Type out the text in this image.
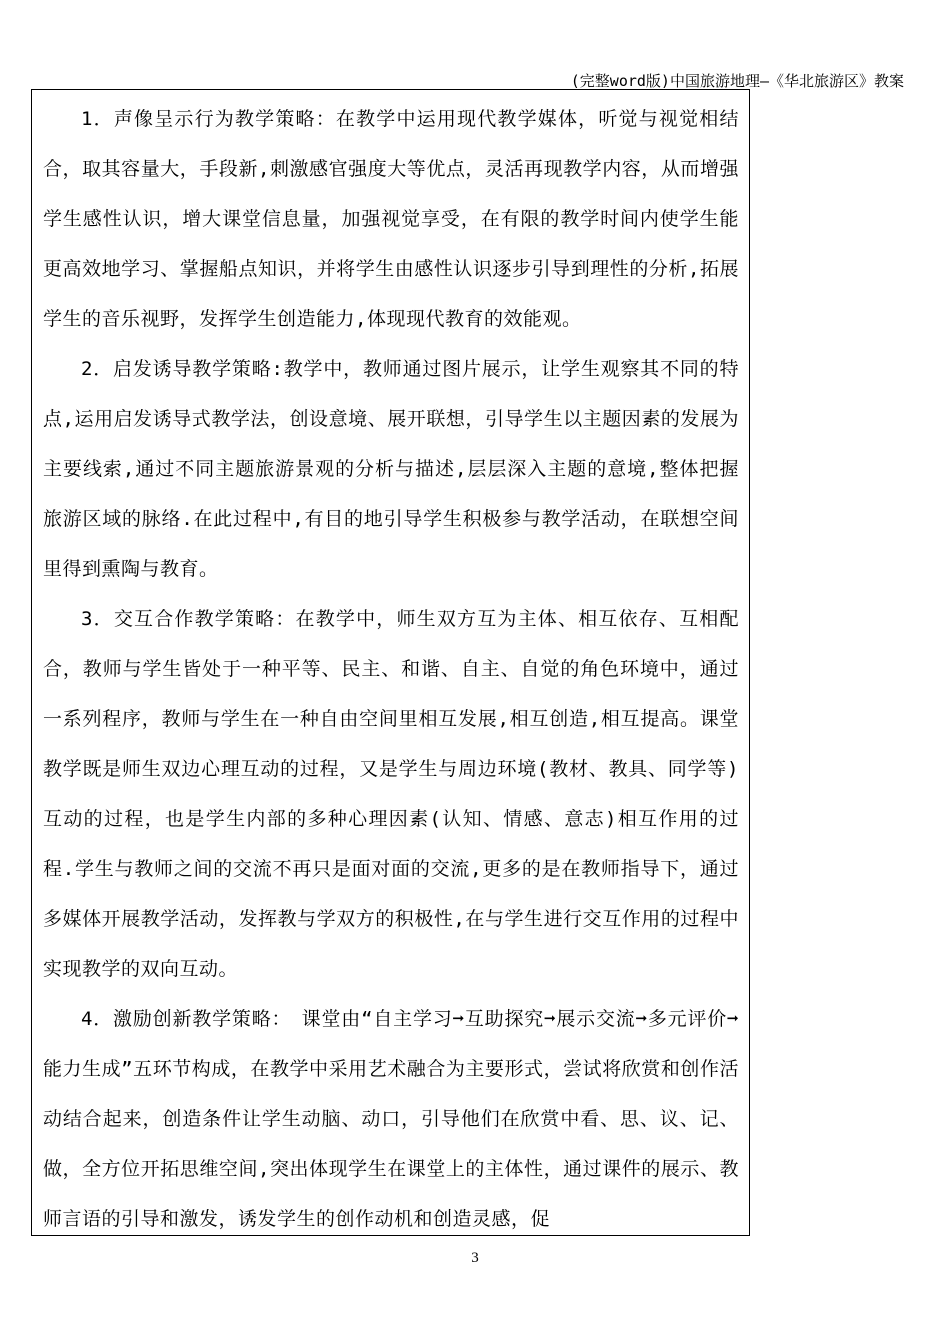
(完整word版)中国旅游地理—《华北旅游区》教案

1．声像呈示行为教学策略：在教学中运用现代教学媒体，听觉与视觉相结合，取其容量大，手段新,刺激感官强度大等优点，灵活再现教学内容，从而增强学生感性认识，增大课堂信息量，加强视觉享受，在有限的教学时间内使学生能更高效地学习、掌握船点知识，并将学生由感性认识逐步引导到理性的分析,拓展学生的音乐视野，发挥学生创造能力,体现现代教育的效能观。

2．启发诱导教学策略:教学中，教师通过图片展示，让学生观察其不同的特点,运用启发诱导式教学法，创设意境、展开联想，引导学生以主题因素的发展为主要线索,通过不同主题旅游景观的分析与描述,层层深入主题的意境,整体把握旅游区域的脉络.在此过程中,有目的地引导学生积极参与教学活动，在联想空间里得到熏陶与教育。

3．交互合作教学策略：在教学中，师生双方互为主体、相互依存、互相配合，教师与学生皆处于一种平等、民主、和谐、自主、自觉的角色环境中，通过一系列程序，教师与学生在一种自由空间里相互发展,相互创造,相互提高。课堂教学既是师生双边心理互动的过程，又是学生与周边环境(教材、教具、同学等)互动的过程，也是学生内部的多种心理因素(认知、情感、意志)相互作用的过程.学生与教师之间的交流不再只是面对面的交流,更多的是在教师指导下，通过多媒体开展教学活动，发挥教与学双方的积极性,在与学生进行交互作用的过程中实现教学的双向互动。

4．激励创新教学策略：　课堂由“自主学习➞互助探究➞展示交流➞多元评价➞能力生成”五环节构成，在教学中采用艺术融合为主要形式，尝试将欣赏和创作活动结合起来，创造条件让学生动脑、动口，引导他们在欣赏中看、思、议、记、做，全方位开拓思维空间,突出体现学生在课堂上的主体性，通过课件的展示、教师言语的引导和激发，诱发学生的创作动机和创造灵感，促

3
